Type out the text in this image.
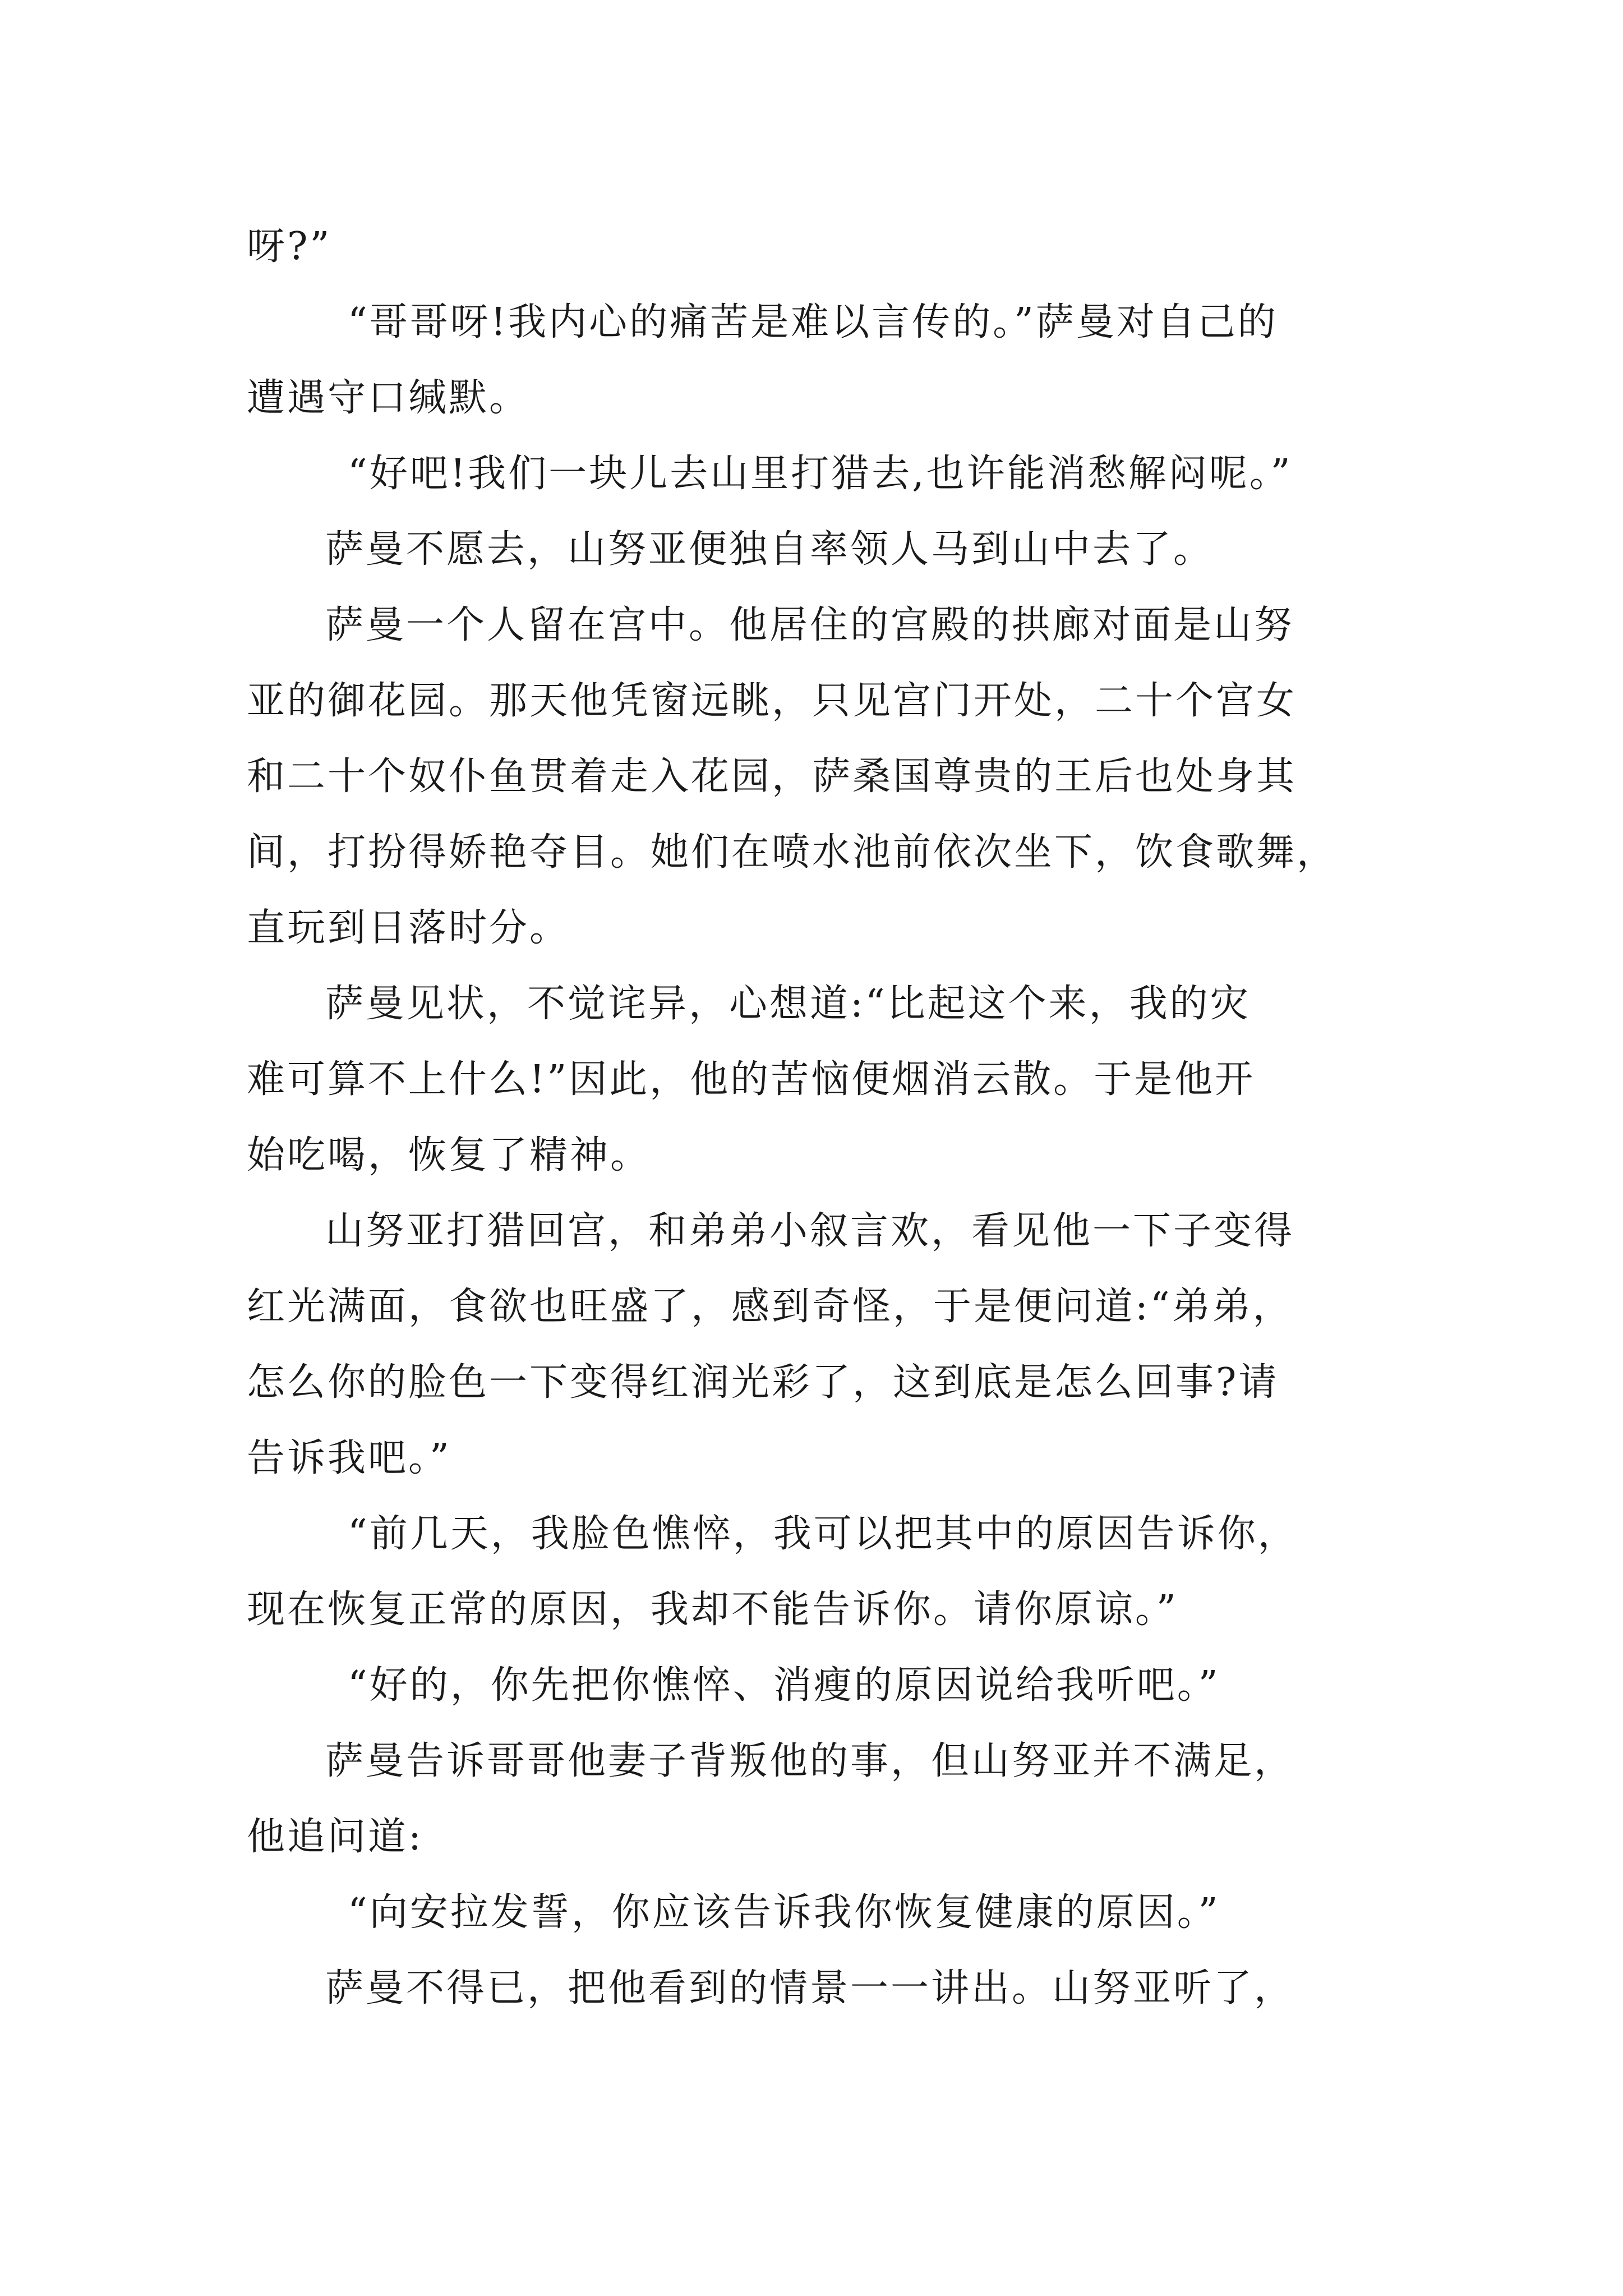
呀?”
“哥哥呀!我内心的痛苦是难以言传的。”萨曼对自己的
遭遇守口缄默。
“好吧!我们一块儿去山里打猎去,也许能消愁解闷呢。”
萨曼不愿去，山努亚便独自率领人马到山中去了。
萨曼一个人留在宫中。他居住的宫殿的拱廊对面是山努
亚的御花园。那天他凭窗远眺，只见宫门开处，二十个宫女
和二十个奴仆鱼贯着走入花园，萨桑国尊贵的王后也处身其
间，打扮得娇艳夺目。她们在喷水池前依次坐下，饮食歌舞，
直玩到日落时分。
萨曼见状，不觉诧异，心想道:“比起这个来，我的灾
难可算不上什么!”因此，他的苦恼便烟消云散。于是他开
始吃喝，恢复了精神。
山努亚打猎回宫，和弟弟小叙言欢，看见他一下子变得
红光满面，食欲也旺盛了，感到奇怪，于是便问道:“弟弟，
怎么你的脸色一下变得红润光彩了，这到底是怎么回事?请
告诉我吧。”
“前几天，我脸色憔悴，我可以把其中的原因告诉你，
现在恢复正常的原因，我却不能告诉你。请你原谅。”
“好的，你先把你憔悴、消瘦的原因说给我听吧。”
萨曼告诉哥哥他妻子背叛他的事，但山努亚并不满足，
他追问道:
“向安拉发誓，你应该告诉我你恢复健康的原因。”
萨曼不得已，把他看到的情景一一讲出。山努亚听了，
